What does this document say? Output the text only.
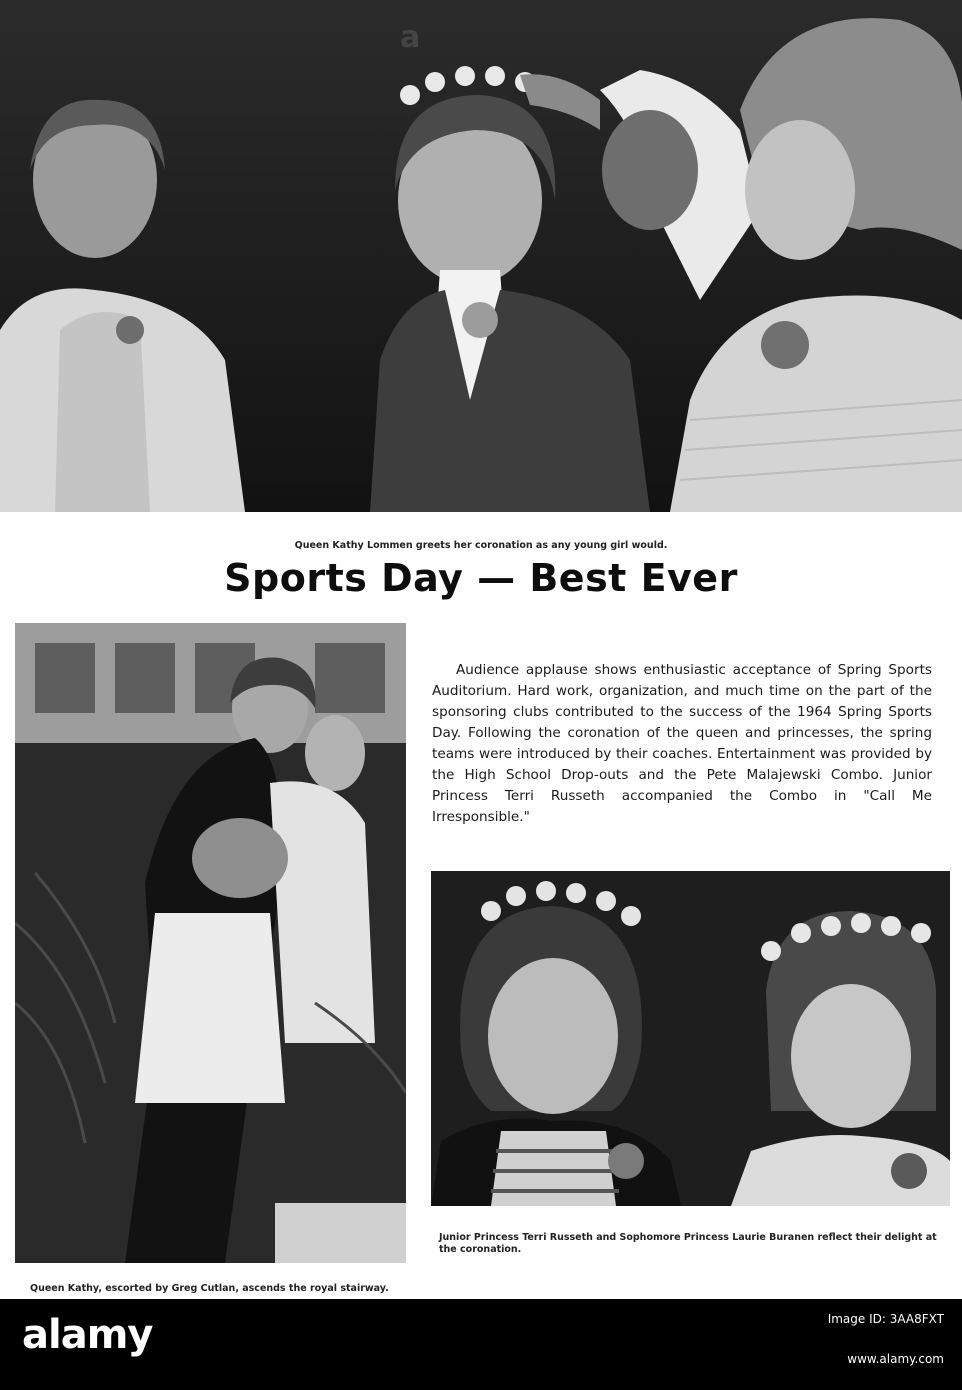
Queen Kathy Lommen greets her coronation as any young girl would.

Sports Day — Best Ever

Queen Kathy, escorted by Greg Cutlan, ascends the royal stairway.

Audience applause shows enthusiastic acceptance of Spring Sports Auditorium. Hard work, organization, and much time on the part of the sponsoring clubs contributed to the success of the 1964 Spring Sports Day. Following the coronation of the queen and princesses, the spring teams were introduced by their coaches. Entertainment was provided by the High School Drop-outs and the Pete Malajewski Combo. Junior Princess Terri Russeth accompanied the Combo in "Call Me Irresponsible."

Junior Princess Terri Russeth and Sophomore Princess Laurie Buranen reflect their delight at the coronation.

alamy	Image ID: 3AA8FXT
www.alamy.com
